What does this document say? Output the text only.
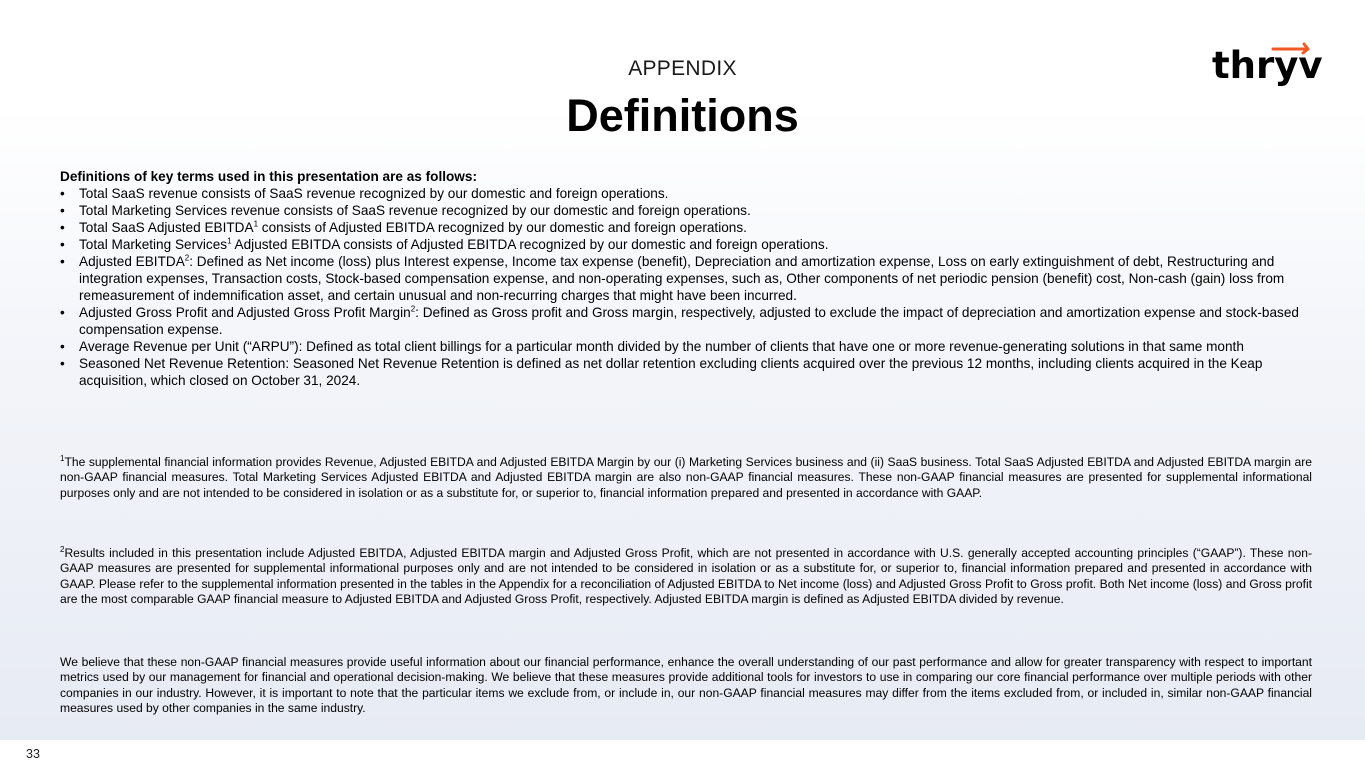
APPENDIX
Definitions
thryv
Definitions of key terms used in this presentation are as follows:
• Total SaaS revenue consists of SaaS revenue recognized by our domestic and foreign operations.
• Total Marketing Services revenue consists of SaaS revenue recognized by our domestic and foreign operations.
• Total SaaS Adjusted EBITDA$^1$ consists of Adjusted EBITDA recognized by our domestic and foreign operations.
• Total Marketing Services$^1$ Adjusted EBITDA consists of Adjusted EBITDA recognized by our domestic and foreign operations.
• Adjusted EBITDA$^2$: Defined as Net income (loss) plus Interest expense, Income tax expense (benefit), Depreciation and amortization expense, Loss on early extinguishment of debt, Restructuring and integration expenses, Transaction costs, Stock-based compensation expense, and non-operating expenses, such as, Other components of net periodic pension (benefit) cost, Non-cash (gain) loss from remeasurement of indemnification asset, and certain unusual and non-recurring charges that might have been incurred.
• Adjusted Gross Profit and Adjusted Gross Profit Margin$^2$: Defined as Gross profit and Gross margin, respectively, adjusted to exclude the impact of depreciation and amortization expense and stock-based compensation expense.
• Average Revenue per Unit (“ARPU”): Defined as total client billings for a particular month divided by the number of clients that have one or more revenue-generating solutions in that same month
• Seasoned Net Revenue Retention: Seasoned Net Revenue Retention is defined as net dollar retention excluding clients acquired over the previous 12 months, including clients acquired in the Keap acquisition, which closed on October 31, 2024.
$^1$The supplemental financial information provides Revenue, Adjusted EBITDA and Adjusted EBITDA Margin by our (i) Marketing Services business and (ii) SaaS business. Total SaaS Adjusted EBITDA and Adjusted EBITDA margin are non-GAAP financial measures. Total Marketing Services Adjusted EBITDA and Adjusted EBITDA margin are also non-GAAP financial measures. These non-GAAP financial measures are presented for supplemental informational purposes only and are not intended to be considered in isolation or as a substitute for, or superior to, financial information prepared and presented in accordance with GAAP.
$^2$Results included in this presentation include Adjusted EBITDA, Adjusted EBITDA margin and Adjusted Gross Profit, which are not presented in accordance with U.S. generally accepted accounting principles (“GAAP”). These non-GAAP measures are presented for supplemental informational purposes only and are not intended to be considered in isolation or as a substitute for, or superior to, financial information prepared and presented in accordance with GAAP. Please refer to the supplemental information presented in the tables in the Appendix for a reconciliation of Adjusted EBITDA to Net income (loss) and Adjusted Gross Profit to Gross profit. Both Net income (loss) and Gross profit are the most comparable GAAP financial measure to Adjusted EBITDA and Adjusted Gross Profit, respectively. Adjusted EBITDA margin is defined as Adjusted EBITDA divided by revenue.
We believe that these non-GAAP financial measures provide useful information about our financial performance, enhance the overall understanding of our past performance and allow for greater transparency with respect to important metrics used by our management for financial and operational decision-making. We believe that these measures provide additional tools for investors to use in comparing our core financial performance over multiple periods with other companies in our industry. However, it is important to note that the particular items we exclude from, or include in, our non-GAAP financial measures may differ from the items excluded from, or included in, similar non-GAAP financial measures used by other companies in the same industry.
33
